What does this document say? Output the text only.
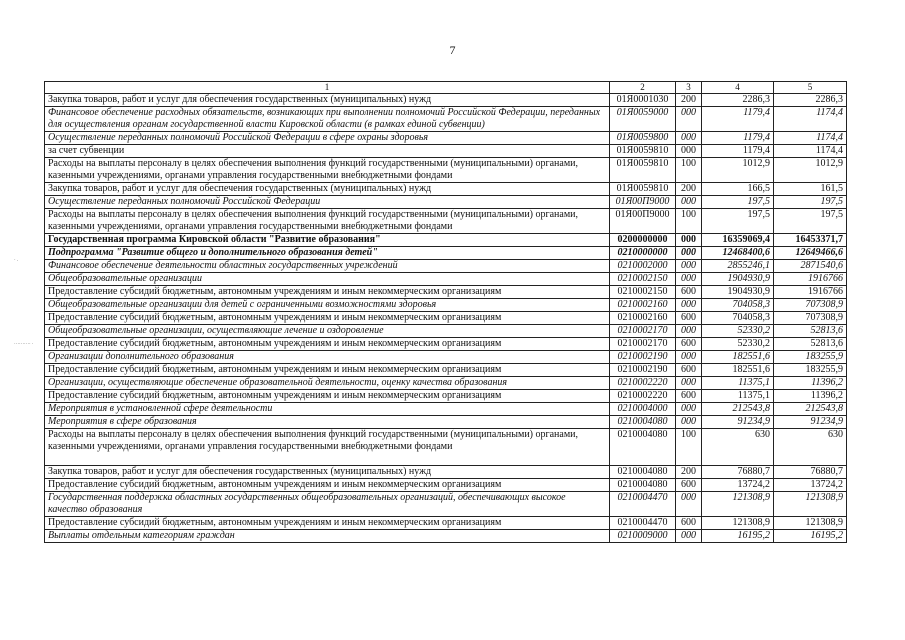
7
1	2	3	4	5
Закупка товаров, работ и услуг для обеспечения государственных (муниципальных) нужд	01Я0001030	200	2286,3	2286,3
Финансовое обеспечение расходных обязательств, возникающих при выполнении полномочий Российской Федерации, переданных для осуществления органам государственной власти Кировской области (в рамках единой субвенции)	01Я0059000	000	1179,4	1174,4
Осуществление переданных полномочий Российской Федерации в сфере охраны здоровья	01Я0059800	000	1179,4	1174,4
за счет субвенции	01Я0059810	000	1179,4	1174,4
Расходы на выплаты персоналу в целях обеспечения выполнения функций государственными (муниципальными) органами, казенными учреждениями, органами управления государственными внебюджетными фондами	01Я0059810	100	1012,9	1012,9
Закупка товаров, работ и услуг для обеспечения государственных (муниципальных) нужд	01Я0059810	200	166,5	161,5
Осуществление переданных полномочий Российской Федерации	01Я00П9000	000	197,5	197,5
Расходы на выплаты персоналу в целях обеспечения выполнения функций государственными (муниципальными) органами, казенными учреждениями, органами управления государственными внебюджетными фондами	01Я00П9000	100	197,5	197,5
Государственная программа Кировской области "Развитие образования"	0200000000	000	16359069,4	16453371,7
Подпрограмма "Развитие общего и дополнительного образования детей"	0210000000	000	12468400,6	12649466,6
Финансовое обеспечение деятельности областных государственных учреждений	0210002000	000	2855246,1	2871540,6
Общеобразовательные организации	0210002150	000	1904930,9	1916766
Предоставление субсидий бюджетным, автономным учреждениям и иным некоммерческим организациям	0210002150	600	1904930,9	1916766
Общеобразовательные организации для детей с ограниченными возможностями здоровья	0210002160	000	704058,3	707308,9
Предоставление субсидий бюджетным, автономным учреждениям и иным некоммерческим организациям	0210002160	600	704058,3	707308,9
Общеобразовательные организации, осуществляющие лечение и оздоровление	0210002170	000	52330,2	52813,6
Предоставление субсидий бюджетным, автономным учреждениям и иным некоммерческим организациям	0210002170	600	52330,2	52813,6
Организации дополнительного образования	0210002190	000	182551,6	183255,9
Предоставление субсидий бюджетным, автономным учреждениям и иным некоммерческим организациям	0210002190	600	182551,6	183255,9
Организации, осуществляющие обеспечение образовательной деятельности, оценку качества образования	0210002220	000	11375,1	11396,2
Предоставление субсидий бюджетным, автономным учреждениям и иным некоммерческим организациям	0210002220	600	11375,1	11396,2
Мероприятия в установленной сфере деятельности	0210004000	000	212543,8	212543,8
Мероприятия в сфере образования	0210004080	000	91234,9	91234,9
Расходы на выплаты персоналу в целях обеспечения выполнения функций государственными (муниципальными) органами, казенными учреждениями, органами управления государственными внебюджетными фондами	0210004080	100	630	630
Закупка товаров, работ и услуг для обеспечения государственных (муниципальных) нужд	0210004080	200	76880,7	76880,7
Предоставление субсидий бюджетным, автономным учреждениям и иным некоммерческим организациям	0210004080	600	13724,2	13724,2
Государственная поддержка областных государственных общеобразовательных организаций, обеспечивающих высокое качество образования	0210004470	000	121308,9	121308,9
Предоставление субсидий бюджетным, автономным учреждениям и иным некоммерческим организациям	0210004470	600	121308,9	121308,9
Выплаты отдельным категориям граждан	0210009000	000	16195,2	16195,2
· .
·········· ·
